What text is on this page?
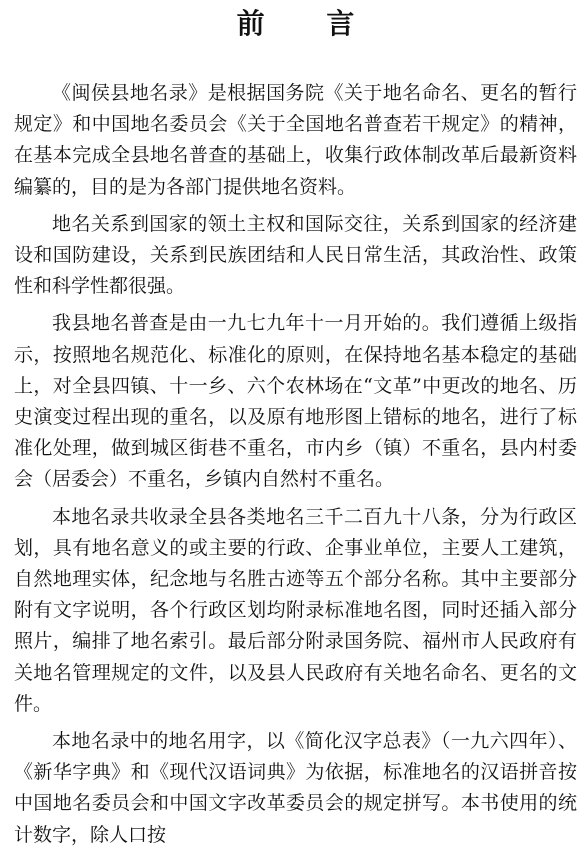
前 言

《闽侯县地名录》是根据国务院《关于地名命名、更名的暂行规定》和中国地名委员会《关于全国地名普查若干规定》的精神，在基本完成全县地名普查的基础上，收集行政体制改革后最新资料编纂的，目的是为各部门提供地名资料。

地名关系到国家的领土主权和国际交往，关系到国家的经济建设和国防建设，关系到民族团结和人民日常生活，其政治性、政策性和科学性都很强。

我县地名普查是由一九七九年十一月开始的。我们遵循上级指示，按照地名规范化、标准化的原则，在保持地名基本稳定的基础上，对全县四镇、十一乡、六个农林场在“文革”中更改的地名、历史演变过程出现的重名，以及原有地形图上错标的地名，进行了标准化处理，做到城区街巷不重名，市内乡（镇）不重名，县内村委会（居委会）不重名，乡镇内自然村不重名。

本地名录共收录全县各类地名三千二百九十八条，分为行政区划，具有地名意义的或主要的行政、企事业单位，主要人工建筑，自然地理实体，纪念地与名胜古迹等五个部分名称。其中主要部分附有文字说明，各个行政区划均附录标准地名图，同时还插入部分照片，编排了地名索引。最后部分附录国务院、福州市人民政府有关地名管理规定的文件，以及县人民政府有关地名命名、更名的文件。

本地名录中的地名用字，以《简化汉字总表》（一九六四年）、《新华字典》和《现代汉语词典》为依据，标准地名的汉语拼音按中国地名委员会和中国文字改革委员会的规定拼写。本书使用的统计数字，除人口按
